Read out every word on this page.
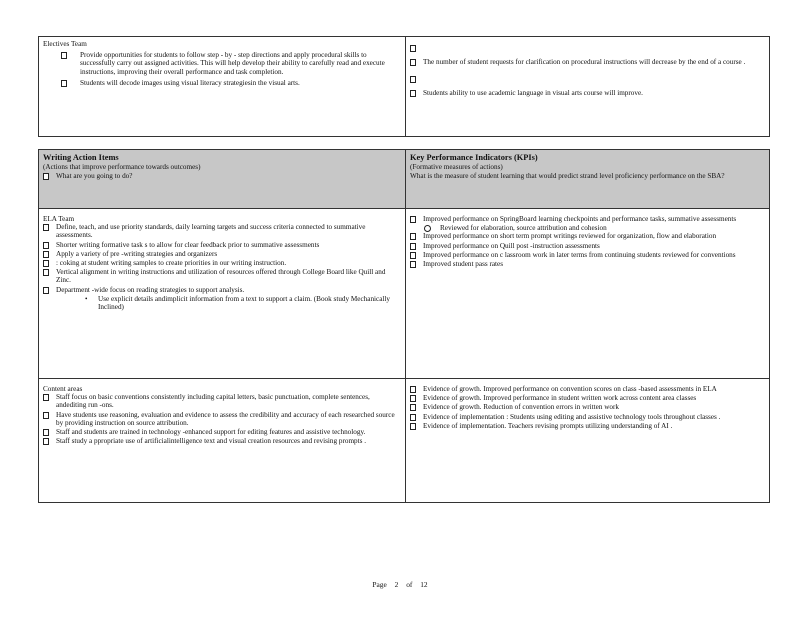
Electives Team
Provide opportunities for students to follow step - by - step directions and apply procedural skills to successfully carry out assigned activities. This will help develop their ability to carefully read and execute instructions, improving their overall performance and task completion.
Students will decode images using visual literacy strategiesin the visual arts.
The number of student requests for clarification on procedural instructions will decrease by the end of a course .
Students ability to use academic language in visual arts course will improve.
Writing Action Items
(Actions that improve performance towards outcomes)
What are you going to do?
Key Performance Indicators (KPIs)
(Formative measures of actions)
What is the measure of student learning that would predict strand level proficiency performance on the SBA?
ELA Team
Define, teach, and use priority standards, daily learning targets and success criteria connected to summative assessments.
Shorter writing formative task s to allow for clear feedback prior to summative assessments
Apply a variety of pre -writing strategies and organizers
: coking at student writing samples to create priorities in our writing instruction.
Vertical alignment in writing instructions and utilization of resources offered through College Board like Quill and Zinc.
Department -wide focus on reading strategies to support analysis.
• Use explicit details andimplicit information from a text to support a claim. (Book study Mechanically Inclined)
Improved performance on SpringBoard learning checkpoints and performance tasks, summative assessments
Reviewed for elaboration, source attribution and cohesion
Improved performance on short term prompt writings reviewed for organization, flow and elaboration
Improved performance on Quill post -instruction assessments
Improved performance on c lassroom work in later terms from continuing students reviewed for conventions
Improved student pass rates
Content areas
Staff focus on basic conventions consistently including capital letters, basic punctuation, complete sentences, andediting run -ons.
Have students use reasoning, evaluation and evidence to assess the credibility and accuracy of each researched source by providing instruction on source attribution.
Staff and students are trained in technology -enhanced support for editing features and assistive technology.
Staff study a ppropriate use of artificialintelligence text and visual creation resources and revising prompts .
Evidence of growth. Improved performance on convention scores on class -based assessments in ELA
Evidence of growth. Improved performance in student written work across content area classes
Evidence of growth. Reduction of convention errors in written work
Evidence of implementation : Students using editing and assistive technology tools throughout classes .
Evidence of implementation. Teachers revising prompts utilizing understanding of AI .
Page 2 of 12
